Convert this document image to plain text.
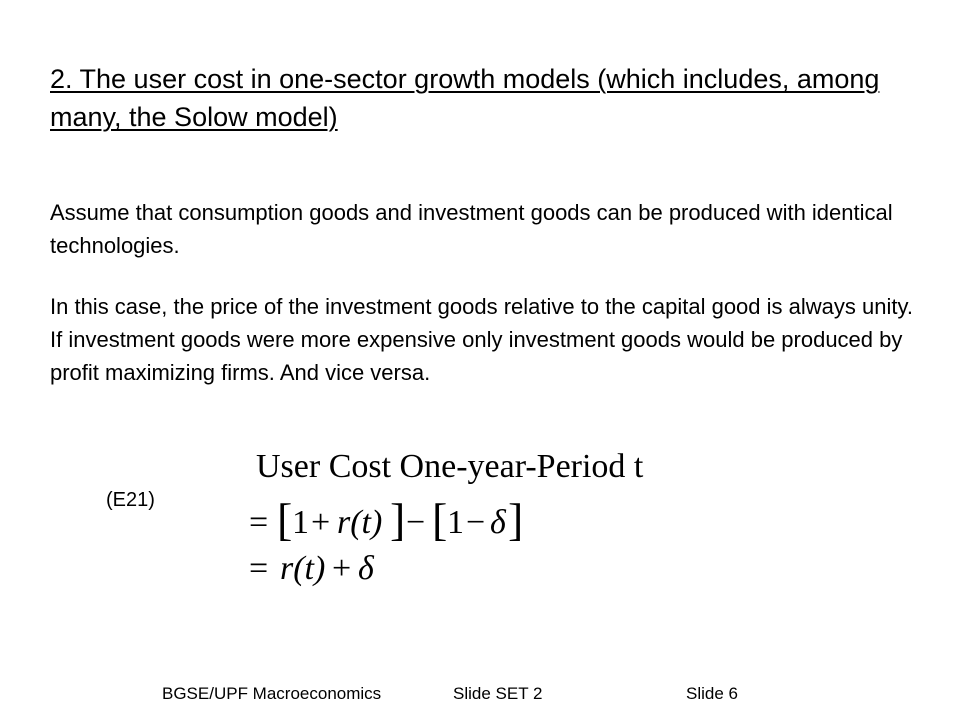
2. The user cost in one-sector growth models (which includes, among many, the Solow model)
Assume that consumption goods and investment goods can be produced with identical technologies.
In this case, the price of the investment goods relative to the capital good is always unity. If investment goods were more expensive only investment goods would be produced by profit maximizing firms. And vice versa.
(E21)
User Cost One-year-Period t
= [ 1 + r(t) ] − [ 1 − δ ]
= r(t) + δ
BGSE/UPF Macroeconomics	Slide SET 2	Slide 6
